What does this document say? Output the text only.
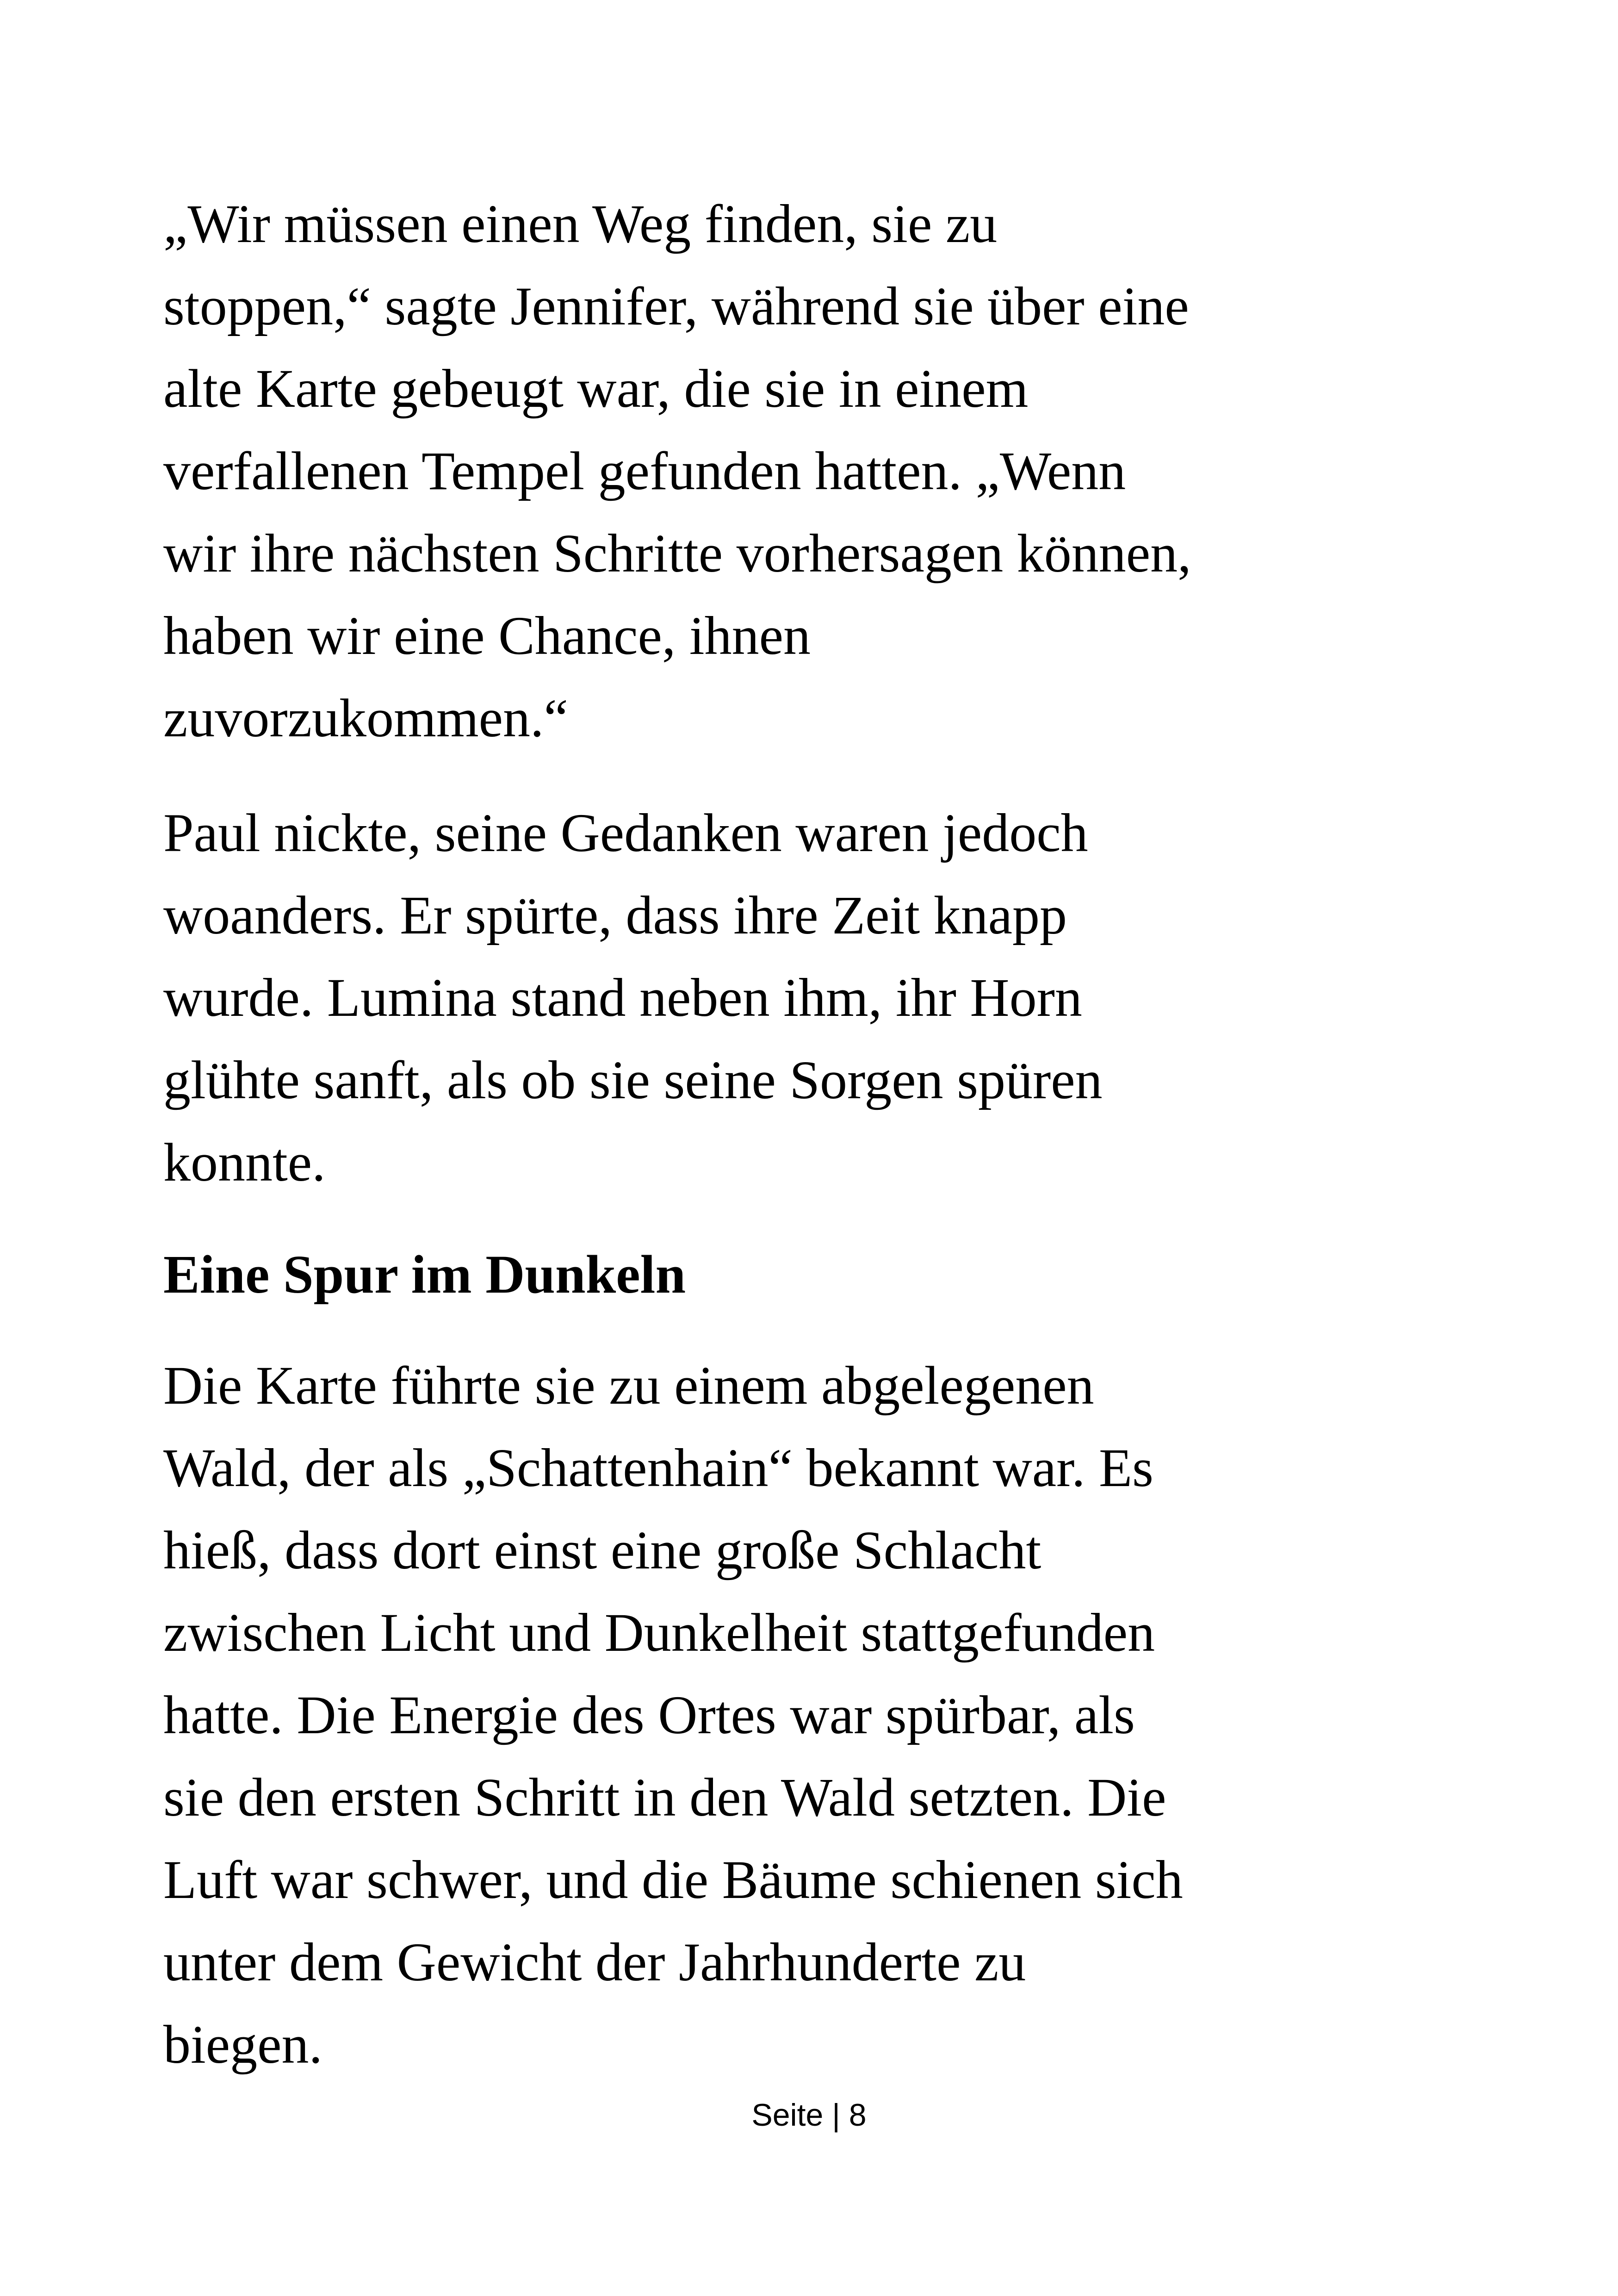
„Wir müssen einen Weg finden, sie zu
stoppen,“ sagte Jennifer, während sie über eine
alte Karte gebeugt war, die sie in einem
verfallenen Tempel gefunden hatten. „Wenn
wir ihre nächsten Schritte vorhersagen können,
haben wir eine Chance, ihnen
zuvorzukommen.“

Paul nickte, seine Gedanken waren jedoch
woanders. Er spürte, dass ihre Zeit knapp
wurde. Lumina stand neben ihm, ihr Horn
glühte sanft, als ob sie seine Sorgen spüren
konnte.

Eine Spur im Dunkeln

Die Karte führte sie zu einem abgelegenen
Wald, der als „Schattenhain“ bekannt war. Es
hieß, dass dort einst eine große Schlacht
zwischen Licht und Dunkelheit stattgefunden
hatte. Die Energie des Ortes war spürbar, als
sie den ersten Schritt in den Wald setzten. Die
Luft war schwer, und die Bäume schienen sich
unter dem Gewicht der Jahrhunderte zu
biegen.

Seite | 8
